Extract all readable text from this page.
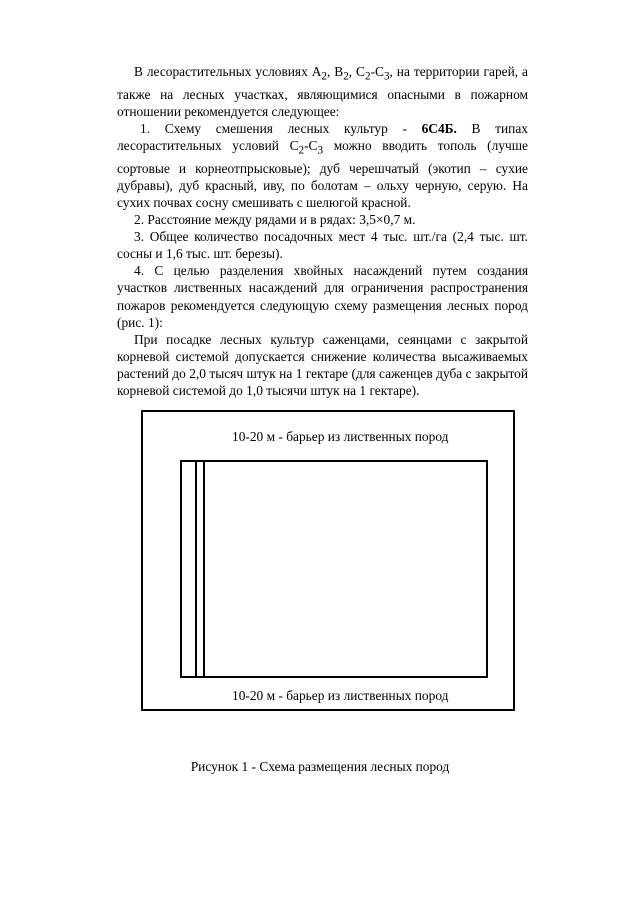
В лесорастительных условиях $А_2$, $В_2$, $С_2-С_3$, на территории гарей, а также на лесных участках, являющимися опасными в пожарном отношении рекомендуется следующее:

1. Схему смешения лесных культур - 6С4Б. В типах лесорастительных условий $С_2-С_3$ можно вводить тополь (лучше сортовые и корнеотпрысковые); дуб черешчатый (экотип – сухие дубравы), дуб красный, иву, по болотам – ольху черную, серую. На сухих почвах сосну смешивать с шелюгой красной.

2. Расстояние между рядами и в рядах: 3,5×0,7 м.

3. Общее количество посадочных мест 4 тыс. шт./га (2,4 тыс. шт. сосны и 1,6 тыс. шт. березы).

4. С целью разделения хвойных насаждений путем создания участков лиственных насаждений для ограничения распространения пожаров рекомендуется следующую схему размещения лесных пород (рис. 1):

При посадке лесных культур саженцами, сеянцами с закрытой корневой системой допускается снижение количества высаживаемых растений до 2,0 тысяч штук на 1 гектаре (для саженцев дуба с закрытой корневой системой до 1,0 тысячи штук на 1 гектаре).

10-20 м - барьер из лиственных пород
10-20 м - барьер из лиственных пород
Рисунок 1 - Схема размещения лесных пород
